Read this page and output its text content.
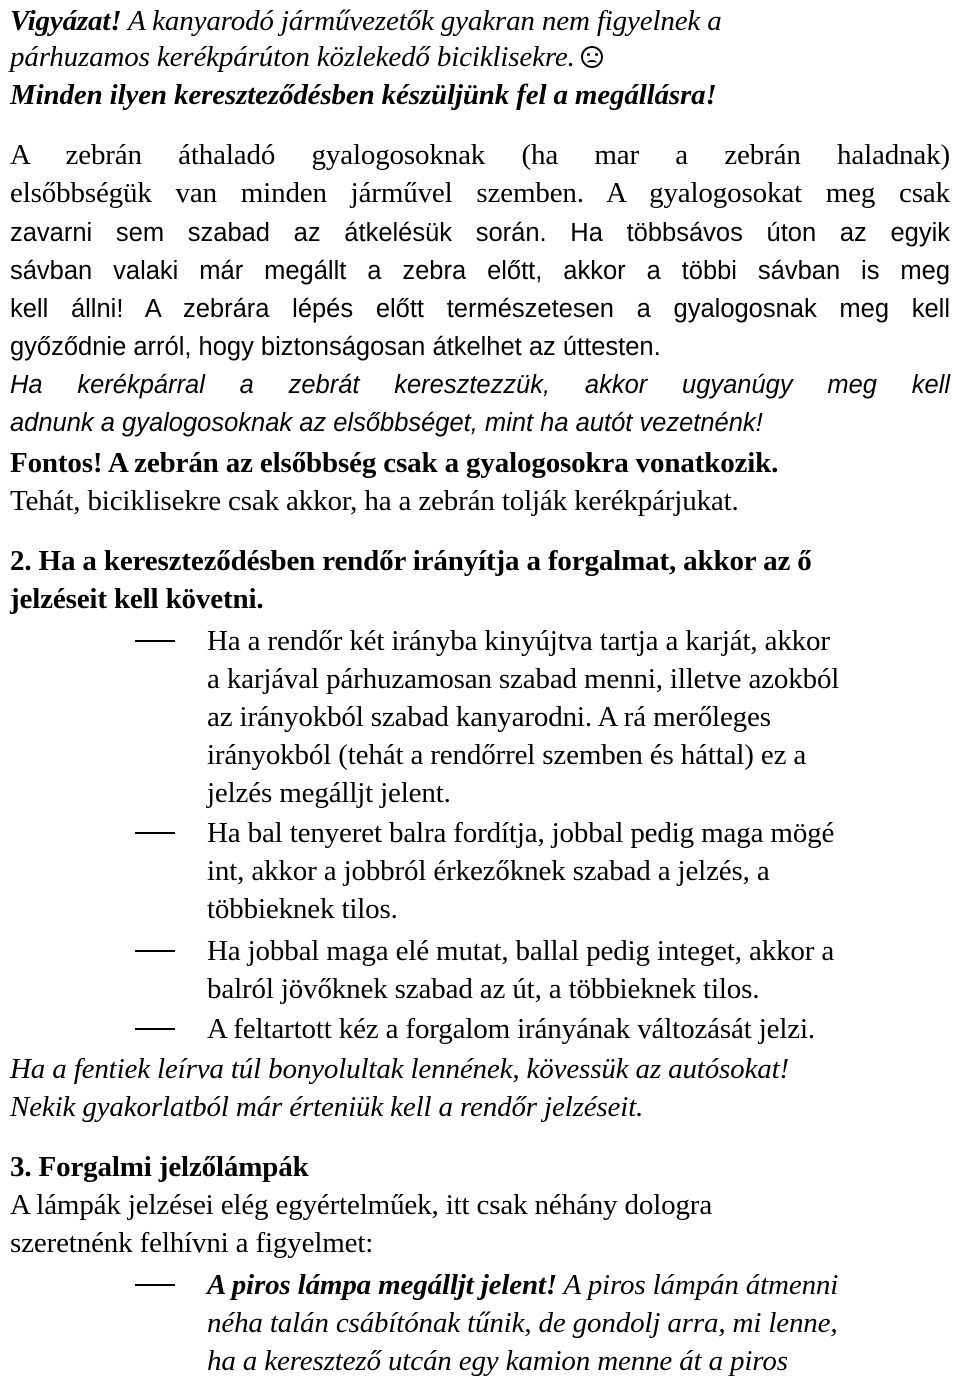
Vigyázat! A kanyarodó járművezetők gyakran nem figyelnek a
párhuzamos kerékpárúton közlekedő biciklisekre.
Minden ilyen kereszteződésben készüljünk fel a megállásra!
A zebrán áthaladó gyalogosoknak (ha mar a zebrán haladnak)
elsőbbségük van minden járművel szemben. A gyalogosokat meg csak
zavarni sem szabad az átkelésük során. Ha többsávos úton az egyik
sávban valaki már megállt a zebra előtt, akkor a többi sávban is meg
kell állni! A zebrára lépés előtt természetesen a gyalogosnak meg kell
győződnie arról, hogy biztonságosan átkelhet az úttesten.
Ha kerékpárral a zebrát keresztezzük, akkor ugyanúgy meg kell
adnunk a gyalogosoknak az elsőbbséget, mint ha autót vezetnénk!
Fontos! A zebrán az elsőbbség csak a gyalogosokra vonatkozik.
Tehát, biciklisekre csak akkor, ha a zebrán tolják kerékpárjukat.
2. Ha a kereszteződésben rendőr irányítja a forgalmat, akkor az ő
jelzéseit kell követni.
Ha a rendőr két irányba kinyújtva tartja a karját, akkor
a karjával párhuzamosan szabad menni, illetve azokból
az irányokból szabad kanyarodni. A rá merőleges
irányokból (tehát a rendőrrel szemben és háttal) ez a
jelzés megálljt jelent.
Ha bal tenyeret balra fordítja, jobbal pedig maga mögé
int, akkor a jobbról érkezőknek szabad a jelzés, a
többieknek tilos.
Ha jobbal maga elé mutat, ballal pedig integet, akkor a
balról jövőknek szabad az út, a többieknek tilos.
A feltartott kéz a forgalom irányának változását jelzi.
Ha a fentiek leírva túl bonyolultak lennének, kövessük az autósokat!
Nekik gyakorlatból már érteniük kell a rendőr jelzéseit.
3. Forgalmi jelzőlámpák
A lámpák jelzései elég egyértelműek, itt csak néhány dologra
szeretnénk felhívni a figyelmet:
A piros lámpa megálljt jelent! A piros lámpán átmenni
néha talán csábítónak tűnik, de gondolj arra, mi lenne,
ha a keresztező utcán egy kamion menne át a piros
